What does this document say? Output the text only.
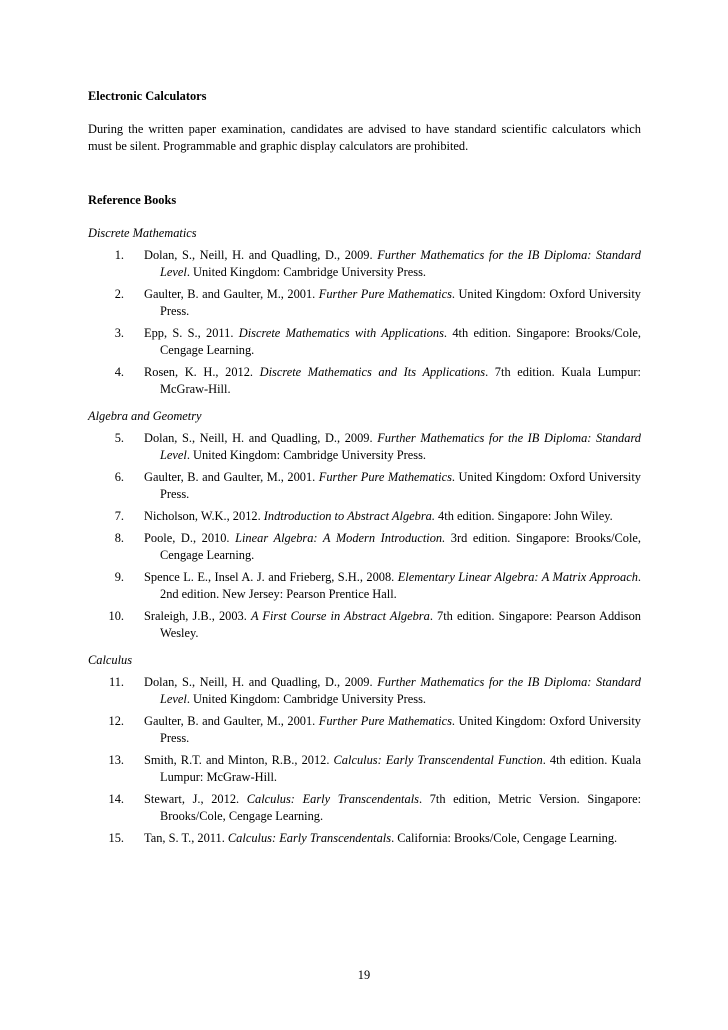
Electronic Calculators

During the written paper examination, candidates are advised to have standard scientific calculators which must be silent. Programmable and graphic display calculators are prohibited.

Reference Books

Discrete Mathematics

1. Dolan, S., Neill, H. and Quadling, D., 2009. Further Mathematics for the IB Diploma: Standard Level. United Kingdom: Cambridge University Press.
2. Gaulter, B. and Gaulter, M., 2001. Further Pure Mathematics. United Kingdom: Oxford University Press.
3. Epp, S. S., 2011. Discrete Mathematics with Applications. 4th edition. Singapore: Brooks/Cole, Cengage Learning.
4. Rosen, K. H., 2012. Discrete Mathematics and Its Applications. 7th edition. Kuala Lumpur: McGraw-Hill.

Algebra and Geometry

5. Dolan, S., Neill, H. and Quadling, D., 2009. Further Mathematics for the IB Diploma: Standard Level. United Kingdom: Cambridge University Press.
6. Gaulter, B. and Gaulter, M., 2001. Further Pure Mathematics. United Kingdom: Oxford University Press.
7. Nicholson, W.K., 2012. Indtroduction to Abstract Algebra. 4th edition. Singapore: John Wiley.
8. Poole, D., 2010. Linear Algebra: A Modern Introduction. 3rd edition. Singapore: Brooks/Cole, Cengage Learning.
9. Spence L. E., Insel A. J. and Frieberg, S.H., 2008. Elementary Linear Algebra: A Matrix Approach. 2nd edition. New Jersey: Pearson Prentice Hall.
10. Sraleigh, J.B., 2003. A First Course in Abstract Algebra. 7th edition. Singapore: Pearson Addison Wesley.

Calculus

11. Dolan, S., Neill, H. and Quadling, D., 2009. Further Mathematics for the IB Diploma: Standard Level. United Kingdom: Cambridge University Press.
12. Gaulter, B. and Gaulter, M., 2001. Further Pure Mathematics. United Kingdom: Oxford University Press.
13. Smith, R.T. and Minton, R.B., 2012. Calculus: Early Transcendental Function. 4th edition. Kuala Lumpur: McGraw-Hill.
14. Stewart, J., 2012. Calculus: Early Transcendentals. 7th edition, Metric Version. Singapore: Brooks/Cole, Cengage Learning.
15. Tan, S. T., 2011. Calculus: Early Transcendentals. California: Brooks/Cole, Cengage Learning.
19
